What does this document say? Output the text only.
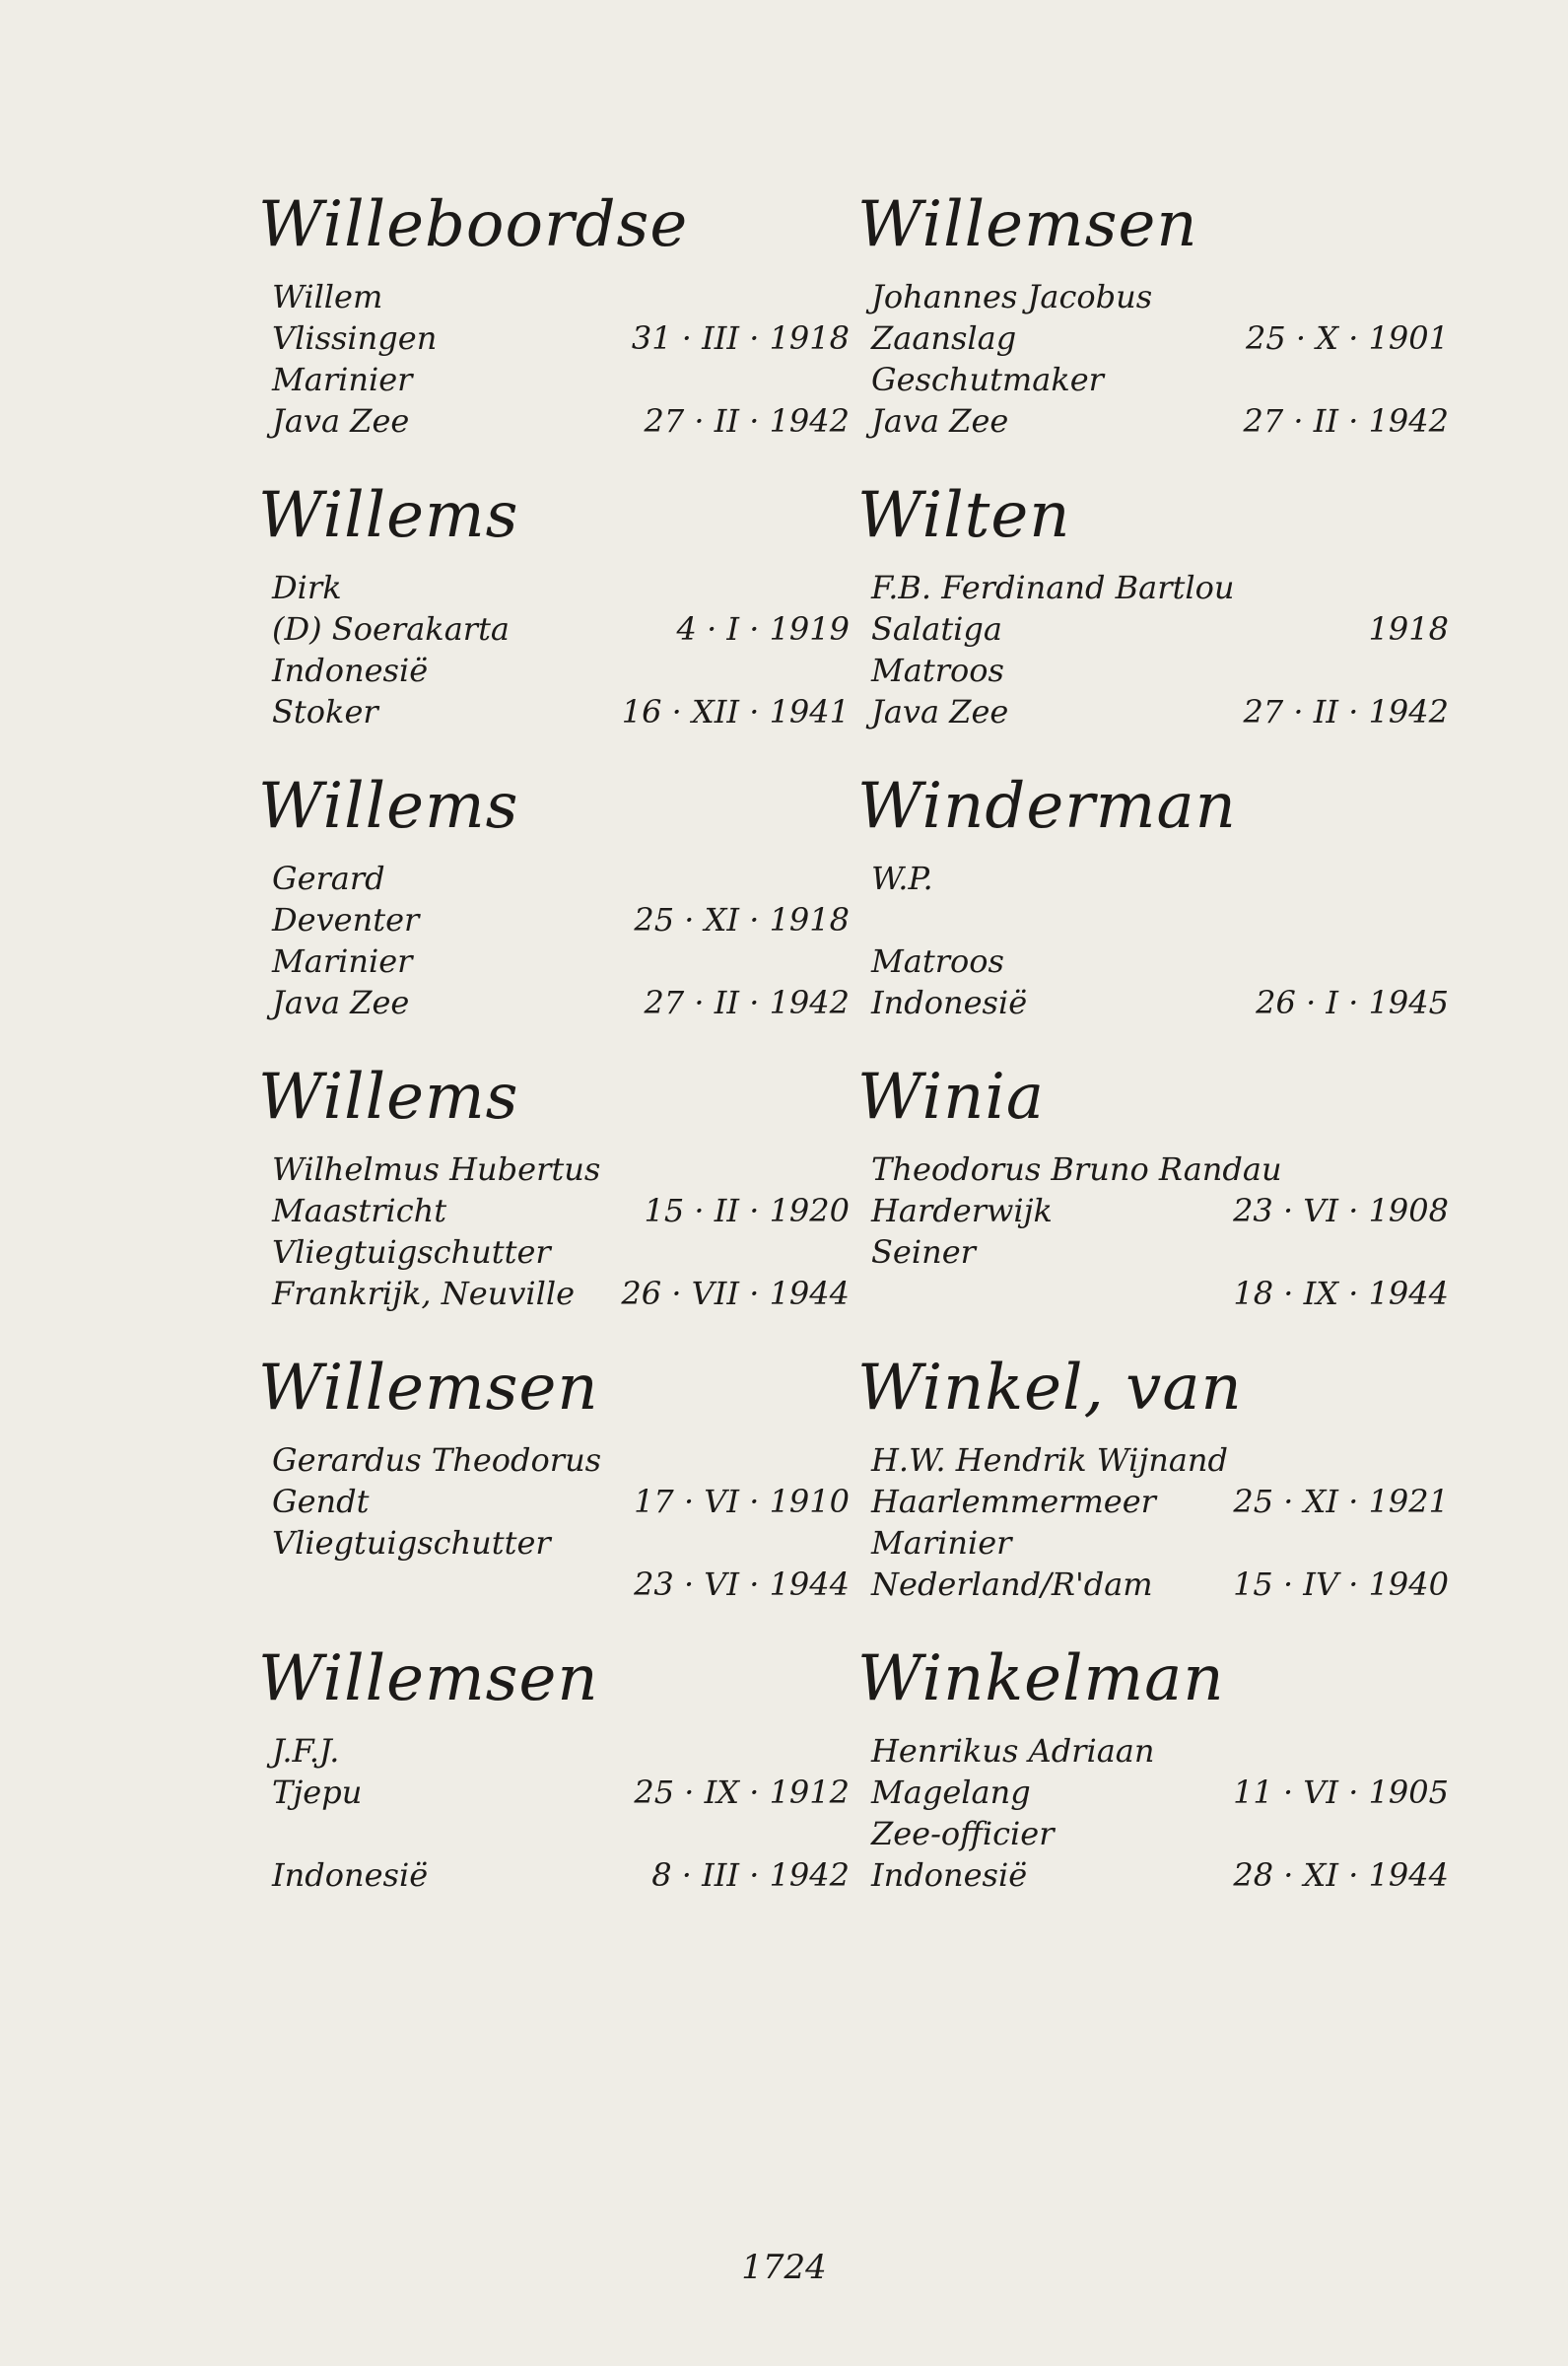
Willeboordse
Willem
Vlissingen	31 · III · 1918
Marinier
Java Zee	27 · II · 1942
Willems
Dirk
(D) Soerakarta	4 · I · 1919
Indonesië
Stoker	16 · XII · 1941
Willems
Gerard
Deventer	25 · XI · 1918
Marinier
Java Zee	27 · II · 1942
Willems
Wilhelmus Hubertus
Maastricht	15 · II · 1920
Vliegtuigschutter
Frankrijk, Neuville 26 · VII · 1944
Willemsen
Gerardus Theodorus
Gendt	17 · VI · 1910
Vliegtuigschutter
23 · VI · 1944
Willemsen
J.F.J.
Tjepu	25 · IX · 1912
Indonesië	8 · III · 1942
Willemsen
Johannes Jacobus
Zaanslag	25 · X · 1901
Geschutmaker
Java Zee	27 · II · 1942
Wilten
F.B. Ferdinand Bartlou
Salatiga	1918
Matroos
Java Zee	27 · II · 1942
Winderman
W.P.
Matroos
Indonesië	26 · I · 1945
Winia
Theodorus Bruno Randau
Harderwijk	23 · VI · 1908
Seiner
18 · IX · 1944
Winkel, van
H.W. Hendrik Wijnand
Haarlemmermeer 25 · XI · 1921
Marinier
Nederland/R'dam	15 · IV · 1940
Winkelman
Henrikus Adriaan
Magelang	11 · VI · 1905
Zee-officier
Indonesië	28 · XI · 1944
1724
